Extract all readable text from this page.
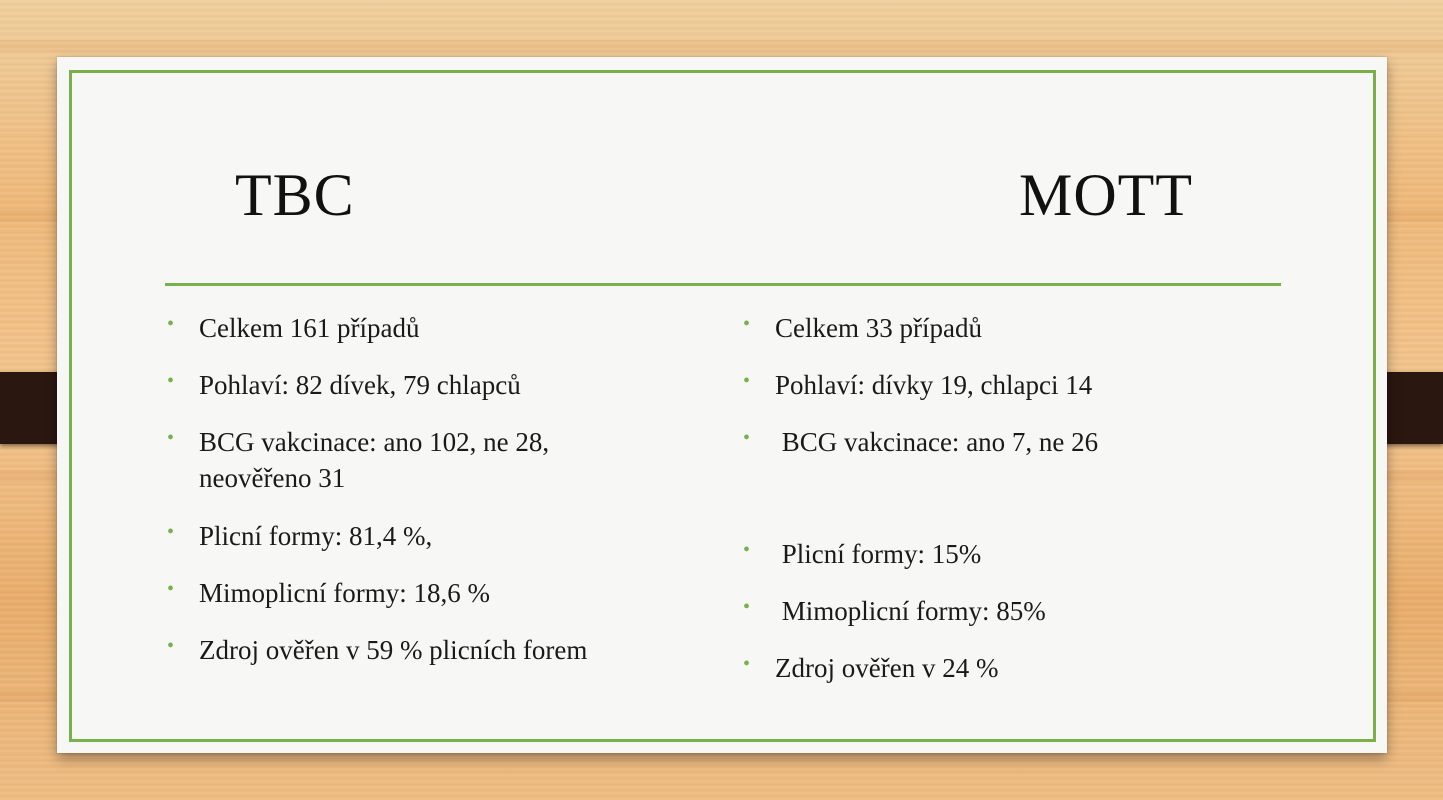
TBC	MOTT
• Celkem 161 případů
• Pohlaví: 82 dívek, 79 chlapců
• BCG vakcinace: ano 102, ne 28,
neověřeno 31
• Plicní formy: 81,4 %,
• Mimoplicní formy: 18,6 %
• Zdroj ověřen v 59 % plicních forem
• Celkem 33 případů
• Pohlaví: dívky 19, chlapci 14
• BCG vakcinace: ano 7, ne 26
• Plicní formy: 15%
• Mimoplicní formy: 85%
• Zdroj ověřen v 24 %
